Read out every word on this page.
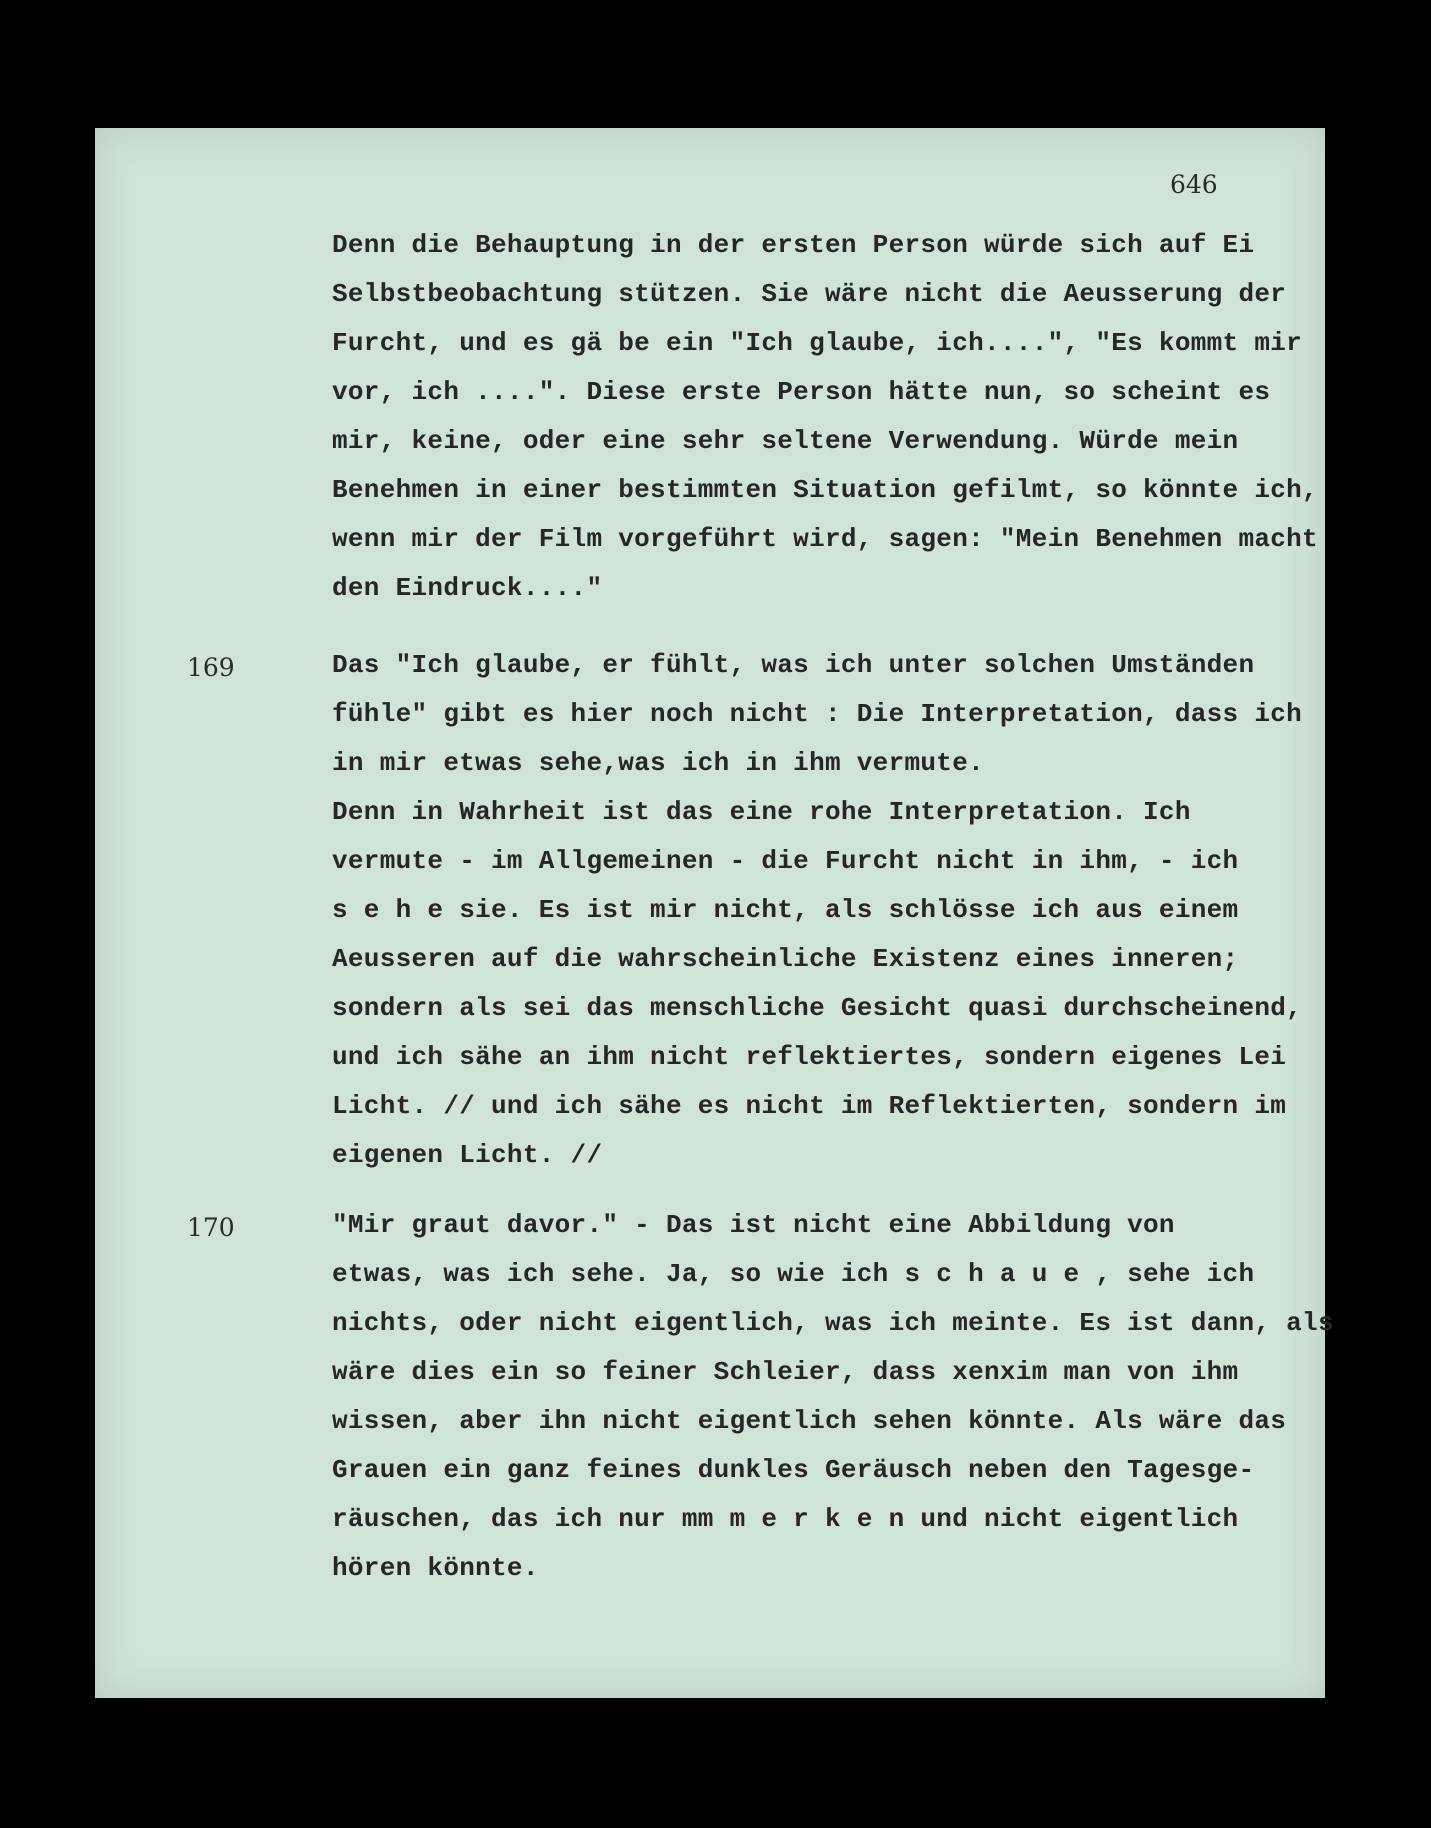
646
Denn die Behauptung in der ersten Person würde sich auf Ei
Selbstbeobachtung stützen. Sie wäre nicht die Aeusserung der
Furcht, und es gä be ein "Ich glaube, ich....", "Es kommt mir
vor, ich ....". Diese erste Person hätte nun, so scheint es
mir, keine, oder eine sehr seltene Verwendung. Würde mein
Benehmen in einer bestimmten Situation gefilmt, so könnte ich,
wenn mir der Film vorgeführt wird, sagen: "Mein Benehmen macht
den Eindruck...."
169	Das "Ich glaube, er fühlt, was ich unter solchen Umständen
fühle" gibt es hier noch nicht : Die Interpretation, dass ich
in mir etwas sehe,was ich in ihm vermute.
Denn in Wahrheit ist das eine rohe Interpretation. Ich
vermute - im Allgemeinen - die Furcht nicht in ihm, - ich
s e h e sie. Es ist mir nicht, als schlösse ich aus einem
Aeusseren auf die wahrscheinliche Existenz eines inneren;
sondern als sei das menschliche Gesicht quasi durchscheinend,
und ich sähe an ihm nicht reflektiertes, sondern eigenes Lei
Licht. // und ich sähe es nicht im Reflektierten, sondern im
eigenen Licht. //
170	"Mir graut davor." - Das ist nicht eine Abbildung von
etwas, was ich sehe. Ja, so wie ich s c h a u e , sehe ich
nichts, oder nicht eigentlich, was ich meinte. Es ist dann, als
wäre dies ein so feiner Schleier, dass xenxim man von ihm
wissen, aber ihn nicht eigentlich sehen könnte. Als wäre das
Grauen ein ganz feines dunkles Geräusch neben den Tagesge-
räuschen, das ich nur mm m e r k e n und nicht eigentlich
hören könnte.
